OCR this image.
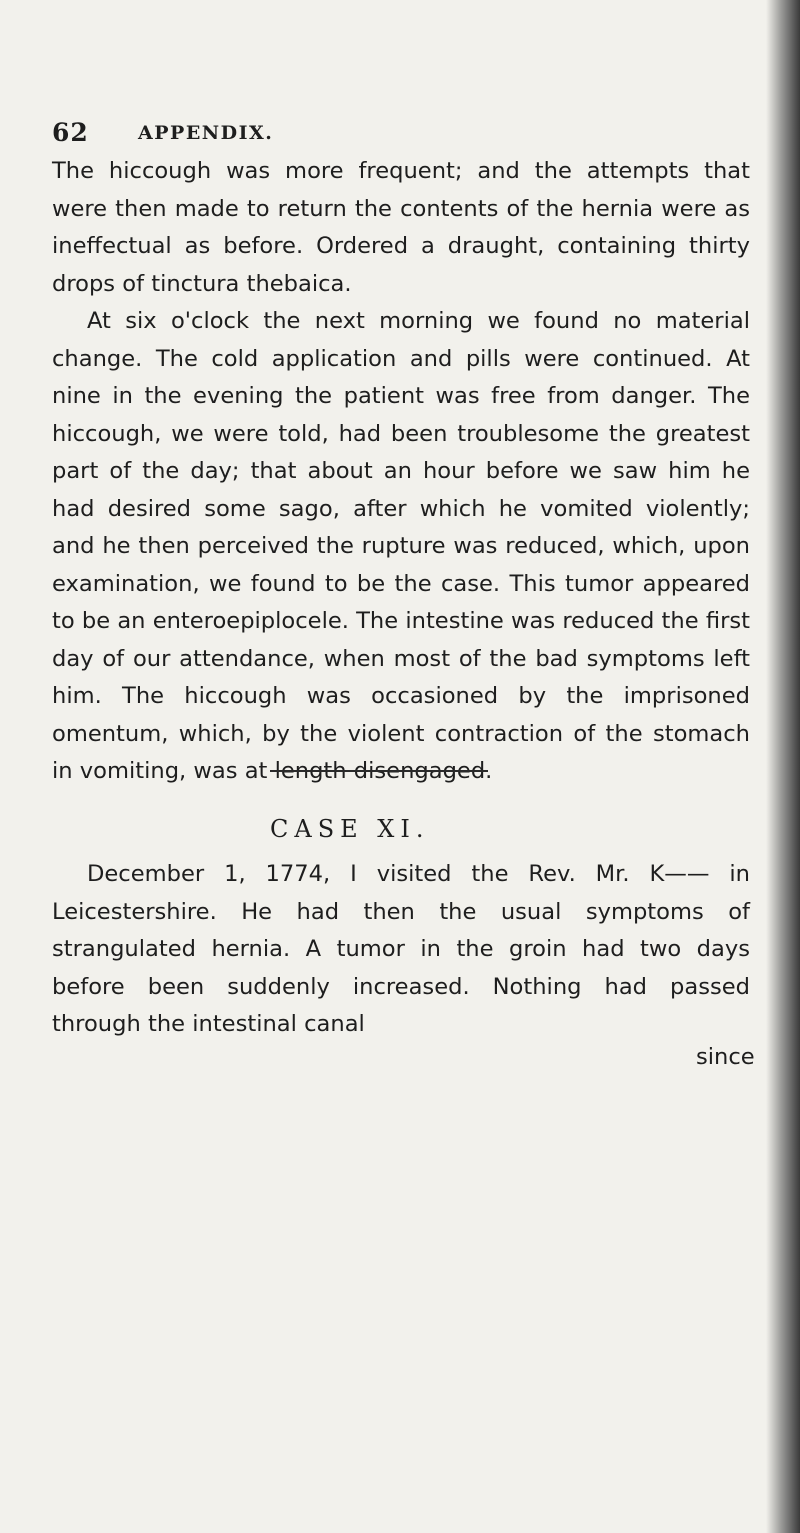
62	APPENDIX.

The hiccough was more frequent; and the attempts that were then made to return the contents of the hernia were as ineffectual as before. Ordered a draught, containing thirty drops of tinctura thebaica.

At six o'clock the next morning we found no material change. The cold application and pills were continued. At nine in the evening the patient was free from danger. The hiccough, we were told, had been troublesome the greatest part of the day; that about an hour before we saw him he had desired some sago, after which he vomited violently; and he then perceived the rupture was reduced, which, upon examination, we found to be the case. This tumor appeared to be an enteroepiplocele. The intestine was reduced the first day of our attendance, when most of the bad symptoms left him. The hiccough was occasioned by the imprisoned omentum, which, by the violent contraction of the stomach in vomiting, was at length disengaged.

CASE XI.

December 1, 1774, I visited the Rev. Mr. K—— in Leicestershire. He had then the usual symptoms of strangulated hernia. A tumor in the groin had two days before been suddenly increased. Nothing had passed through the intestinal canal

since
